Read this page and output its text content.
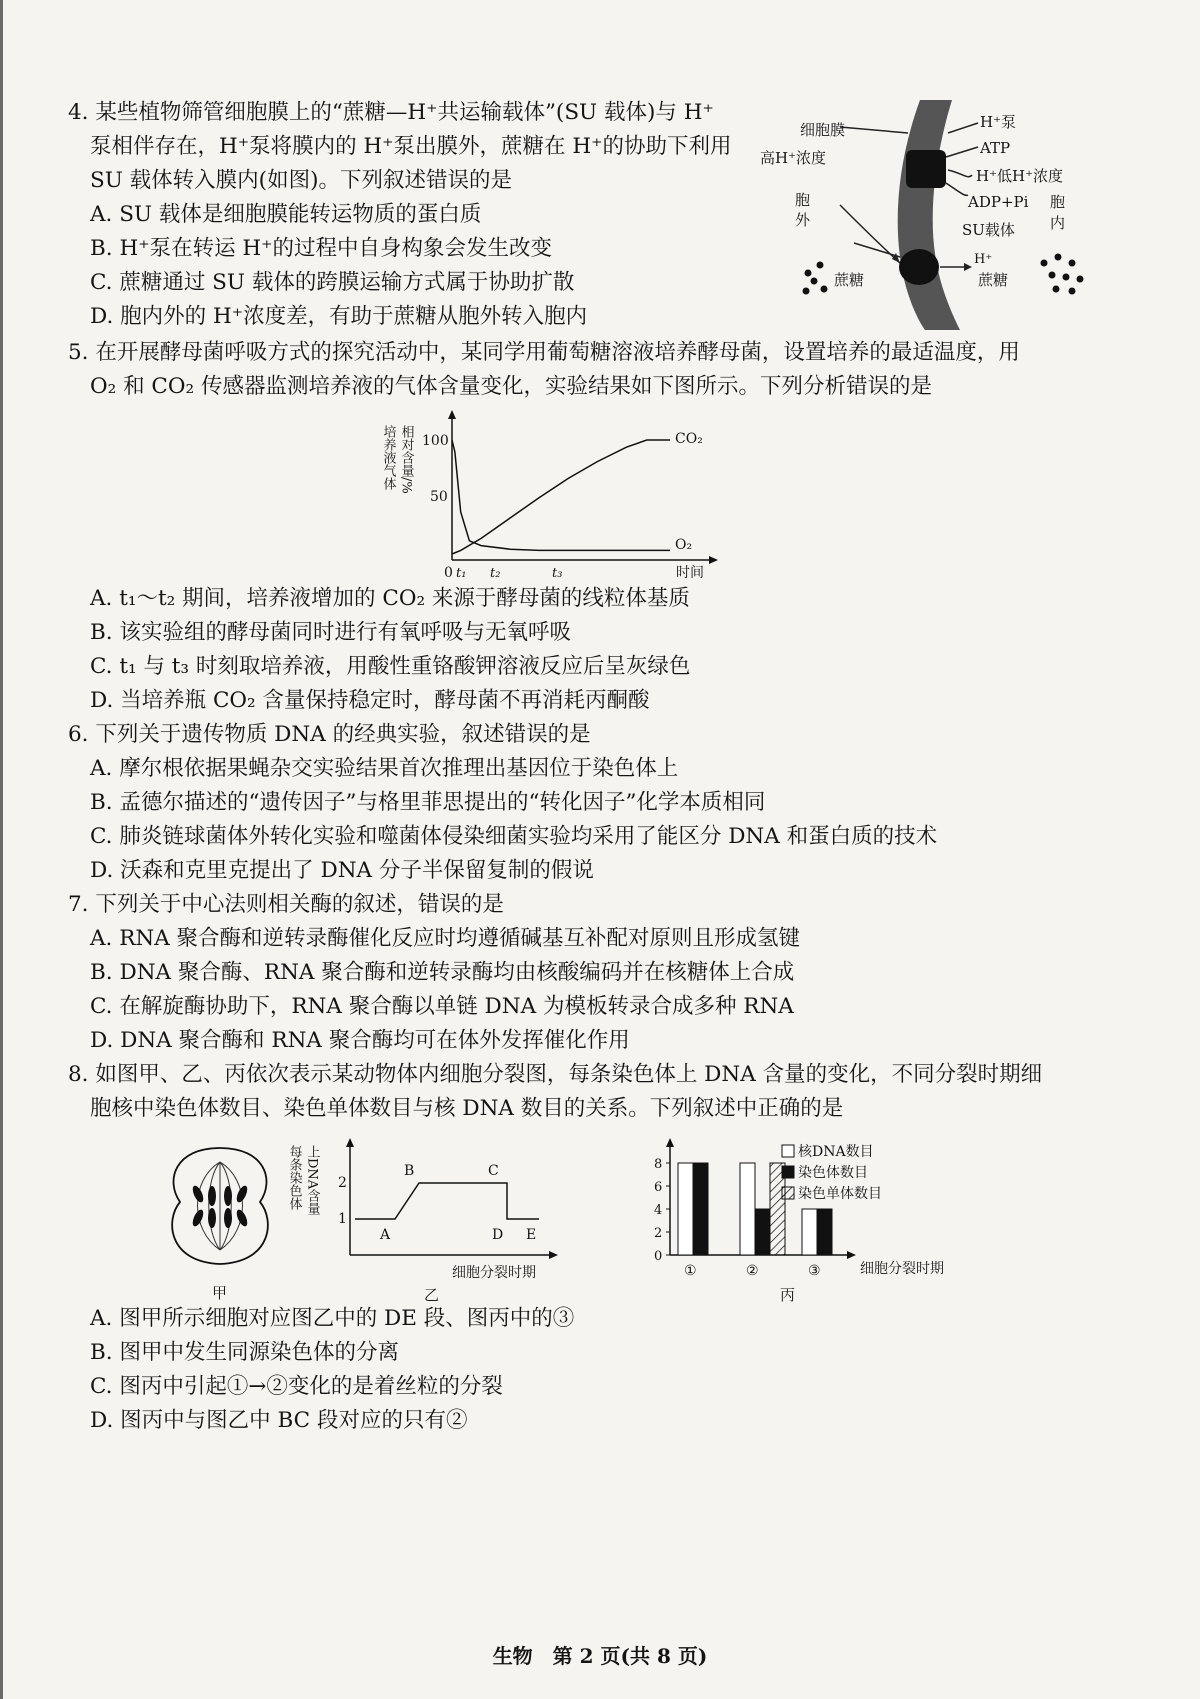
4. 某些植物筛管细胞膜上的“蔗糖—H⁺共运输载体”(SU 载体)与 H⁺
泵相伴存在，H⁺泵将膜内的 H⁺泵出膜外，蔗糖在 H⁺的协助下利用
SU 载体转入膜内(如图)。下列叙述错误的是
A. SU 载体是细胞膜能转运物质的蛋白质
B. H⁺泵在转运 H⁺的过程中自身构象会发生改变
C. 蔗糖通过 SU 载体的跨膜运输方式属于协助扩散
D. 胞内外的 H⁺浓度差，有助于蔗糖从胞外转入胞内
细胞膜	H⁺泵
高H⁺浓度
ATP
H⁺低H⁺浓度
ADP+Pi
胞
外
胞
内
SU载体
H⁺
蔗糖	蔗糖
5. 在开展酵母菌呼吸方式的探究活动中，某同学用葡萄糖溶液培养酵母菌，设置培养的最适温度，用
O₂ 和 CO₂ 传感器监测培养液的气体含量变化，实验结果如下图所示。下列分析错误的是
培养液气体 相对含量/% 100
50
0 t₁ t₂	t₃	时间
CO₂
O₂
A. t₁～t₂ 期间，培养液增加的 CO₂ 来源于酵母菌的线粒体基质
B. 该实验组的酵母菌同时进行有氧呼吸与无氧呼吸
C. t₁ 与 t₃ 时刻取培养液，用酸性重铬酸钾溶液反应后呈灰绿色
D. 当培养瓶 CO₂ 含量保持稳定时，酵母菌不再消耗丙酮酸
6. 下列关于遗传物质 DNA 的经典实验，叙述错误的是
A. 摩尔根依据果蝇杂交实验结果首次推理出基因位于染色体上
B. 孟德尔描述的“遗传因子”与格里菲思提出的“转化因子”化学本质相同
C. 肺炎链球菌体外转化实验和噬菌体侵染细菌实验均采用了能区分 DNA 和蛋白质的技术
D. 沃森和克里克提出了 DNA 分子半保留复制的假说
7. 下列关于中心法则相关酶的叙述，错误的是
A. RNA 聚合酶和逆转录酶催化反应时均遵循碱基互补配对原则且形成氢键
B. DNA 聚合酶、RNA 聚合酶和逆转录酶均由核酸编码并在核糖体上合成
C. 在解旋酶协助下，RNA 聚合酶以单链 DNA 为模板转录合成多种 RNA
D. DNA 聚合酶和 RNA 聚合酶均可在体外发挥催化作用
8. 如图甲、乙、丙依次表示某动物体内细胞分裂图，每条染色体上 DNA 含量的变化，不同分裂时期细
胞核中染色体数目、染色单体数目与核 DNA 数目的关系。下列叙述中正确的是
甲
每条染色体 上DNA含量 2
1
A
B	C
D E
细胞分裂时期
乙
0
2
4
6
8
①	②	③	细胞分裂时期
核DNA数目
染色体数目
染色单体数目
丙
A. 图甲所示细胞对应图乙中的 DE 段、图丙中的③
B. 图甲中发生同源染色体的分离
C. 图丙中引起①→②变化的是着丝粒的分裂
D. 图丙中与图乙中 BC 段对应的只有②
生物　第 2 页(共 8 页)
